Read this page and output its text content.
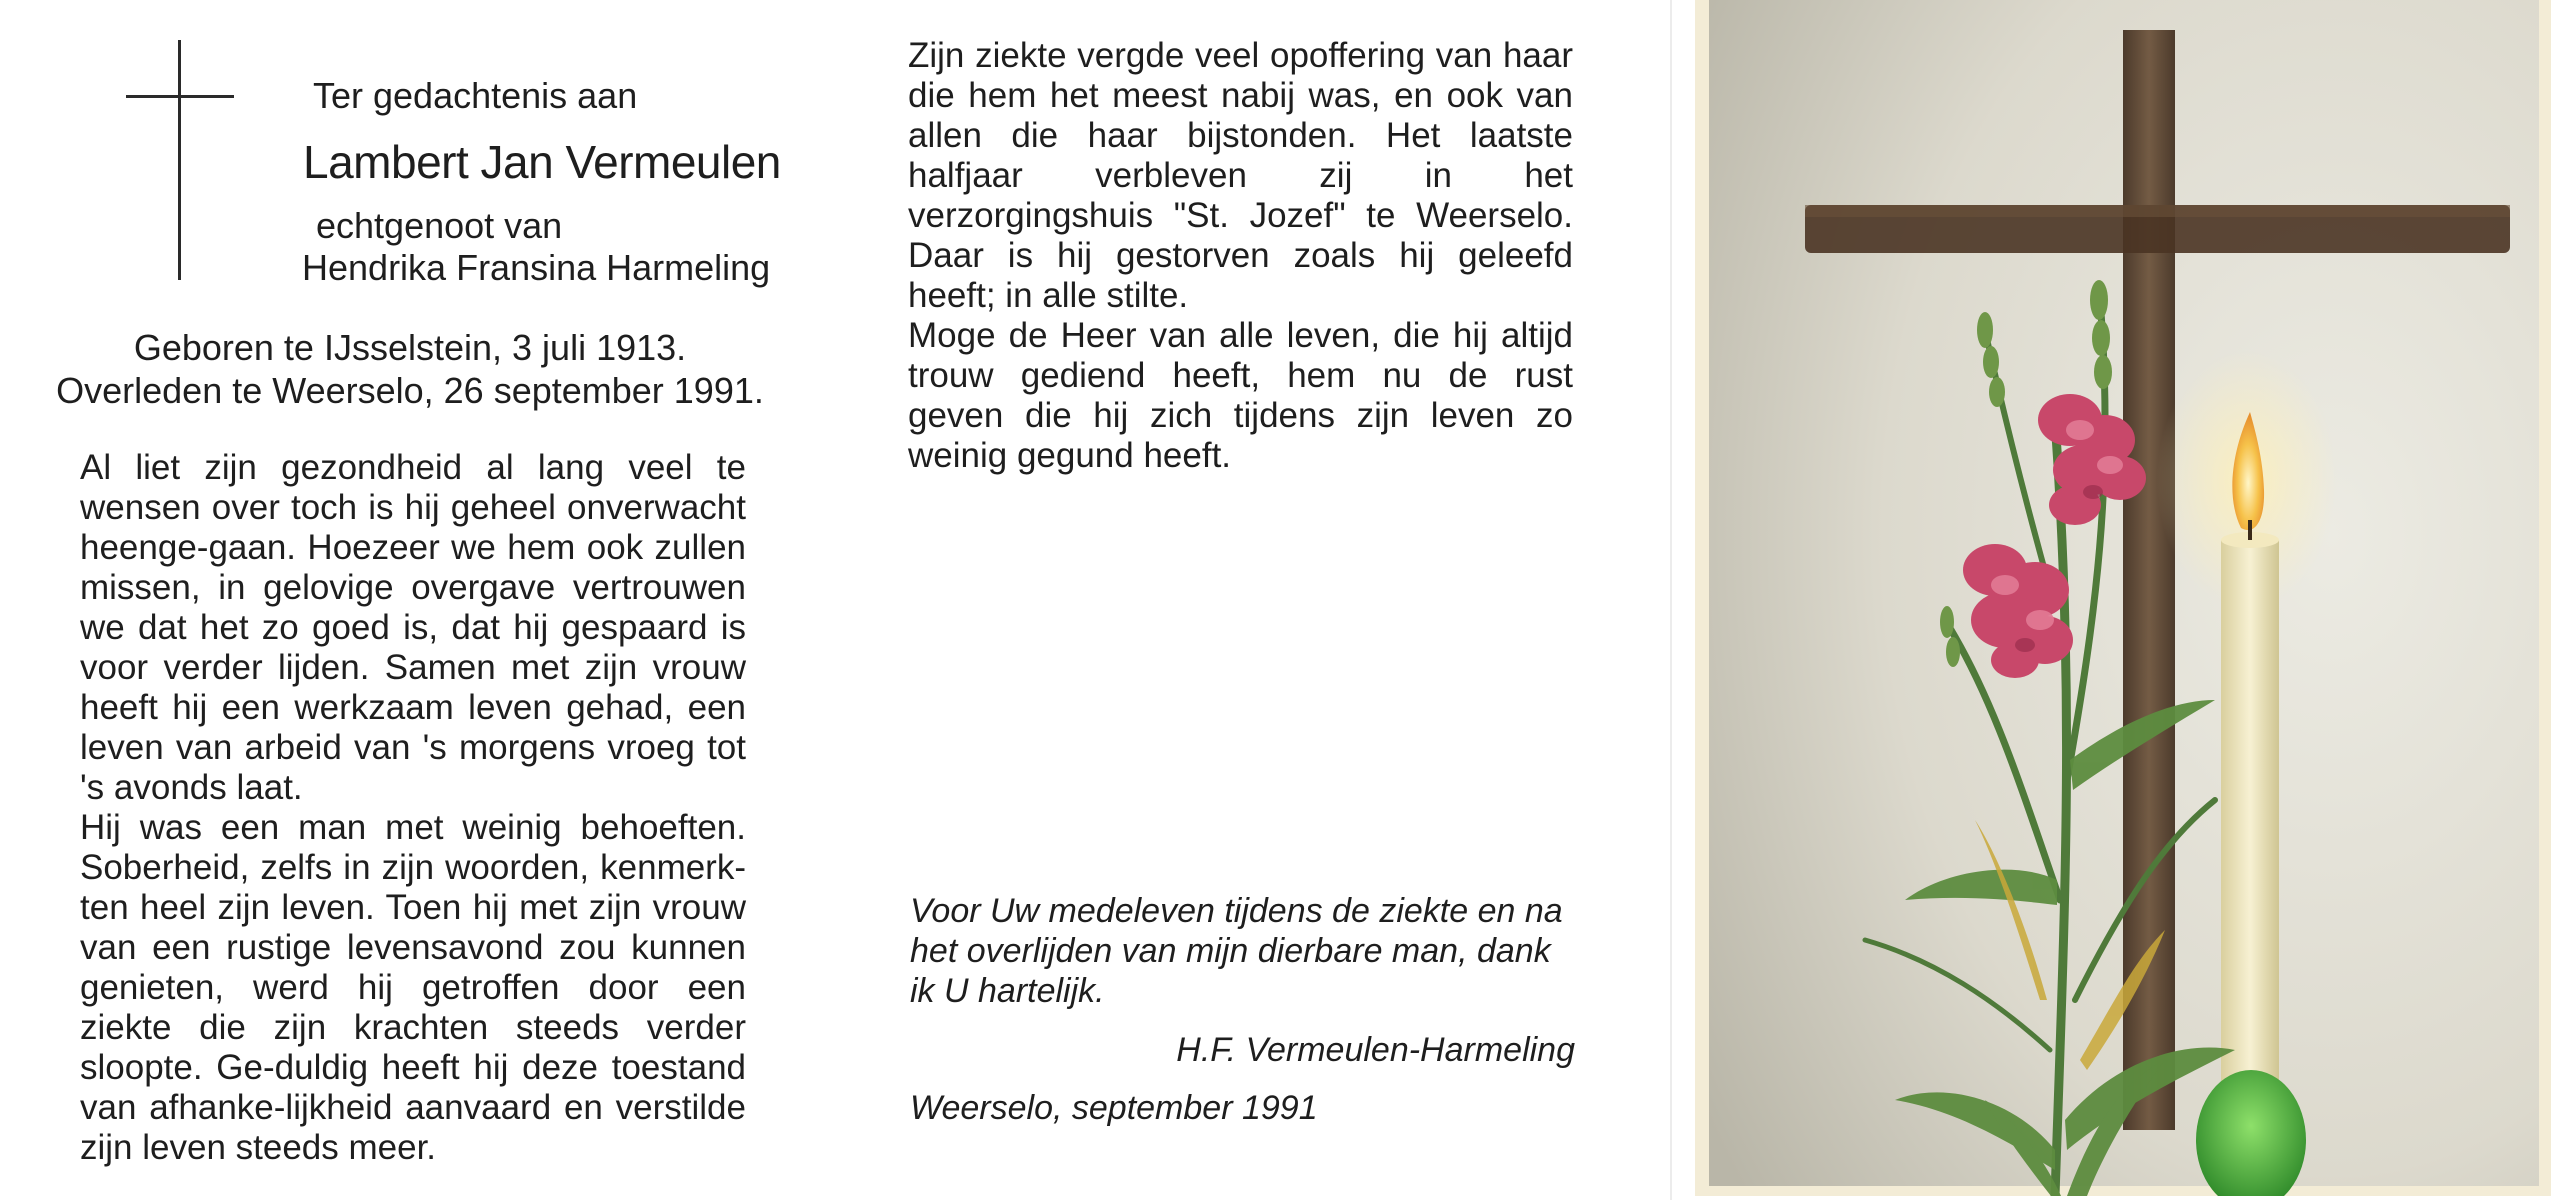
Ter gedachtenis aan
Lambert Jan Vermeulen
echtgenoot van
Hendrika Fransina Harmeling
Geboren te IJsselstein, 3 juli 1913.
Overleden te Weerselo, 26 september 1991.

Al liet zijn gezondheid al lang veel te wensen over toch is hij geheel onverwacht heenge-gaan. Hoezeer we hem ook zullen missen, in gelovige overgave vertrouwen we dat het zo goed is, dat hij gespaard is voor verder lijden. Samen met zijn vrouw heeft hij een werkzaam leven gehad, een leven van arbeid van 's morgens vroeg tot 's avonds laat.
Hij was een man met weinig behoeften. Soberheid, zelfs in zijn woorden, kenmerk-ten heel zijn leven. Toen hij met zijn vrouw van een rustige levensavond zou kunnen genieten, werd hij getroffen door een ziekte die zijn krachten steeds verder sloopte. Ge-duldig heeft hij deze toestand van afhanke-lijkheid aanvaard en verstilde zijn leven steeds meer.

Zijn ziekte vergde veel opoffering van haar die hem het meest nabij was, en ook van allen die haar bijstonden. Het laatste halfjaar verbleven zij in het verzorgingshuis "St. Jozef" te Weerselo. Daar is hij gestorven zoals hij geleefd heeft; in alle stilte.
Moge de Heer van alle leven, die hij altijd trouw gediend heeft, hem nu de rust geven die hij zich tijdens zijn leven zo weinig gegund heeft.

Voor Uw medeleven tijdens de ziekte en na het overlijden van mijn dierbare man, dank ik U hartelijk.
H.F. Vermeulen-Harmeling
Weerselo, september 1991
